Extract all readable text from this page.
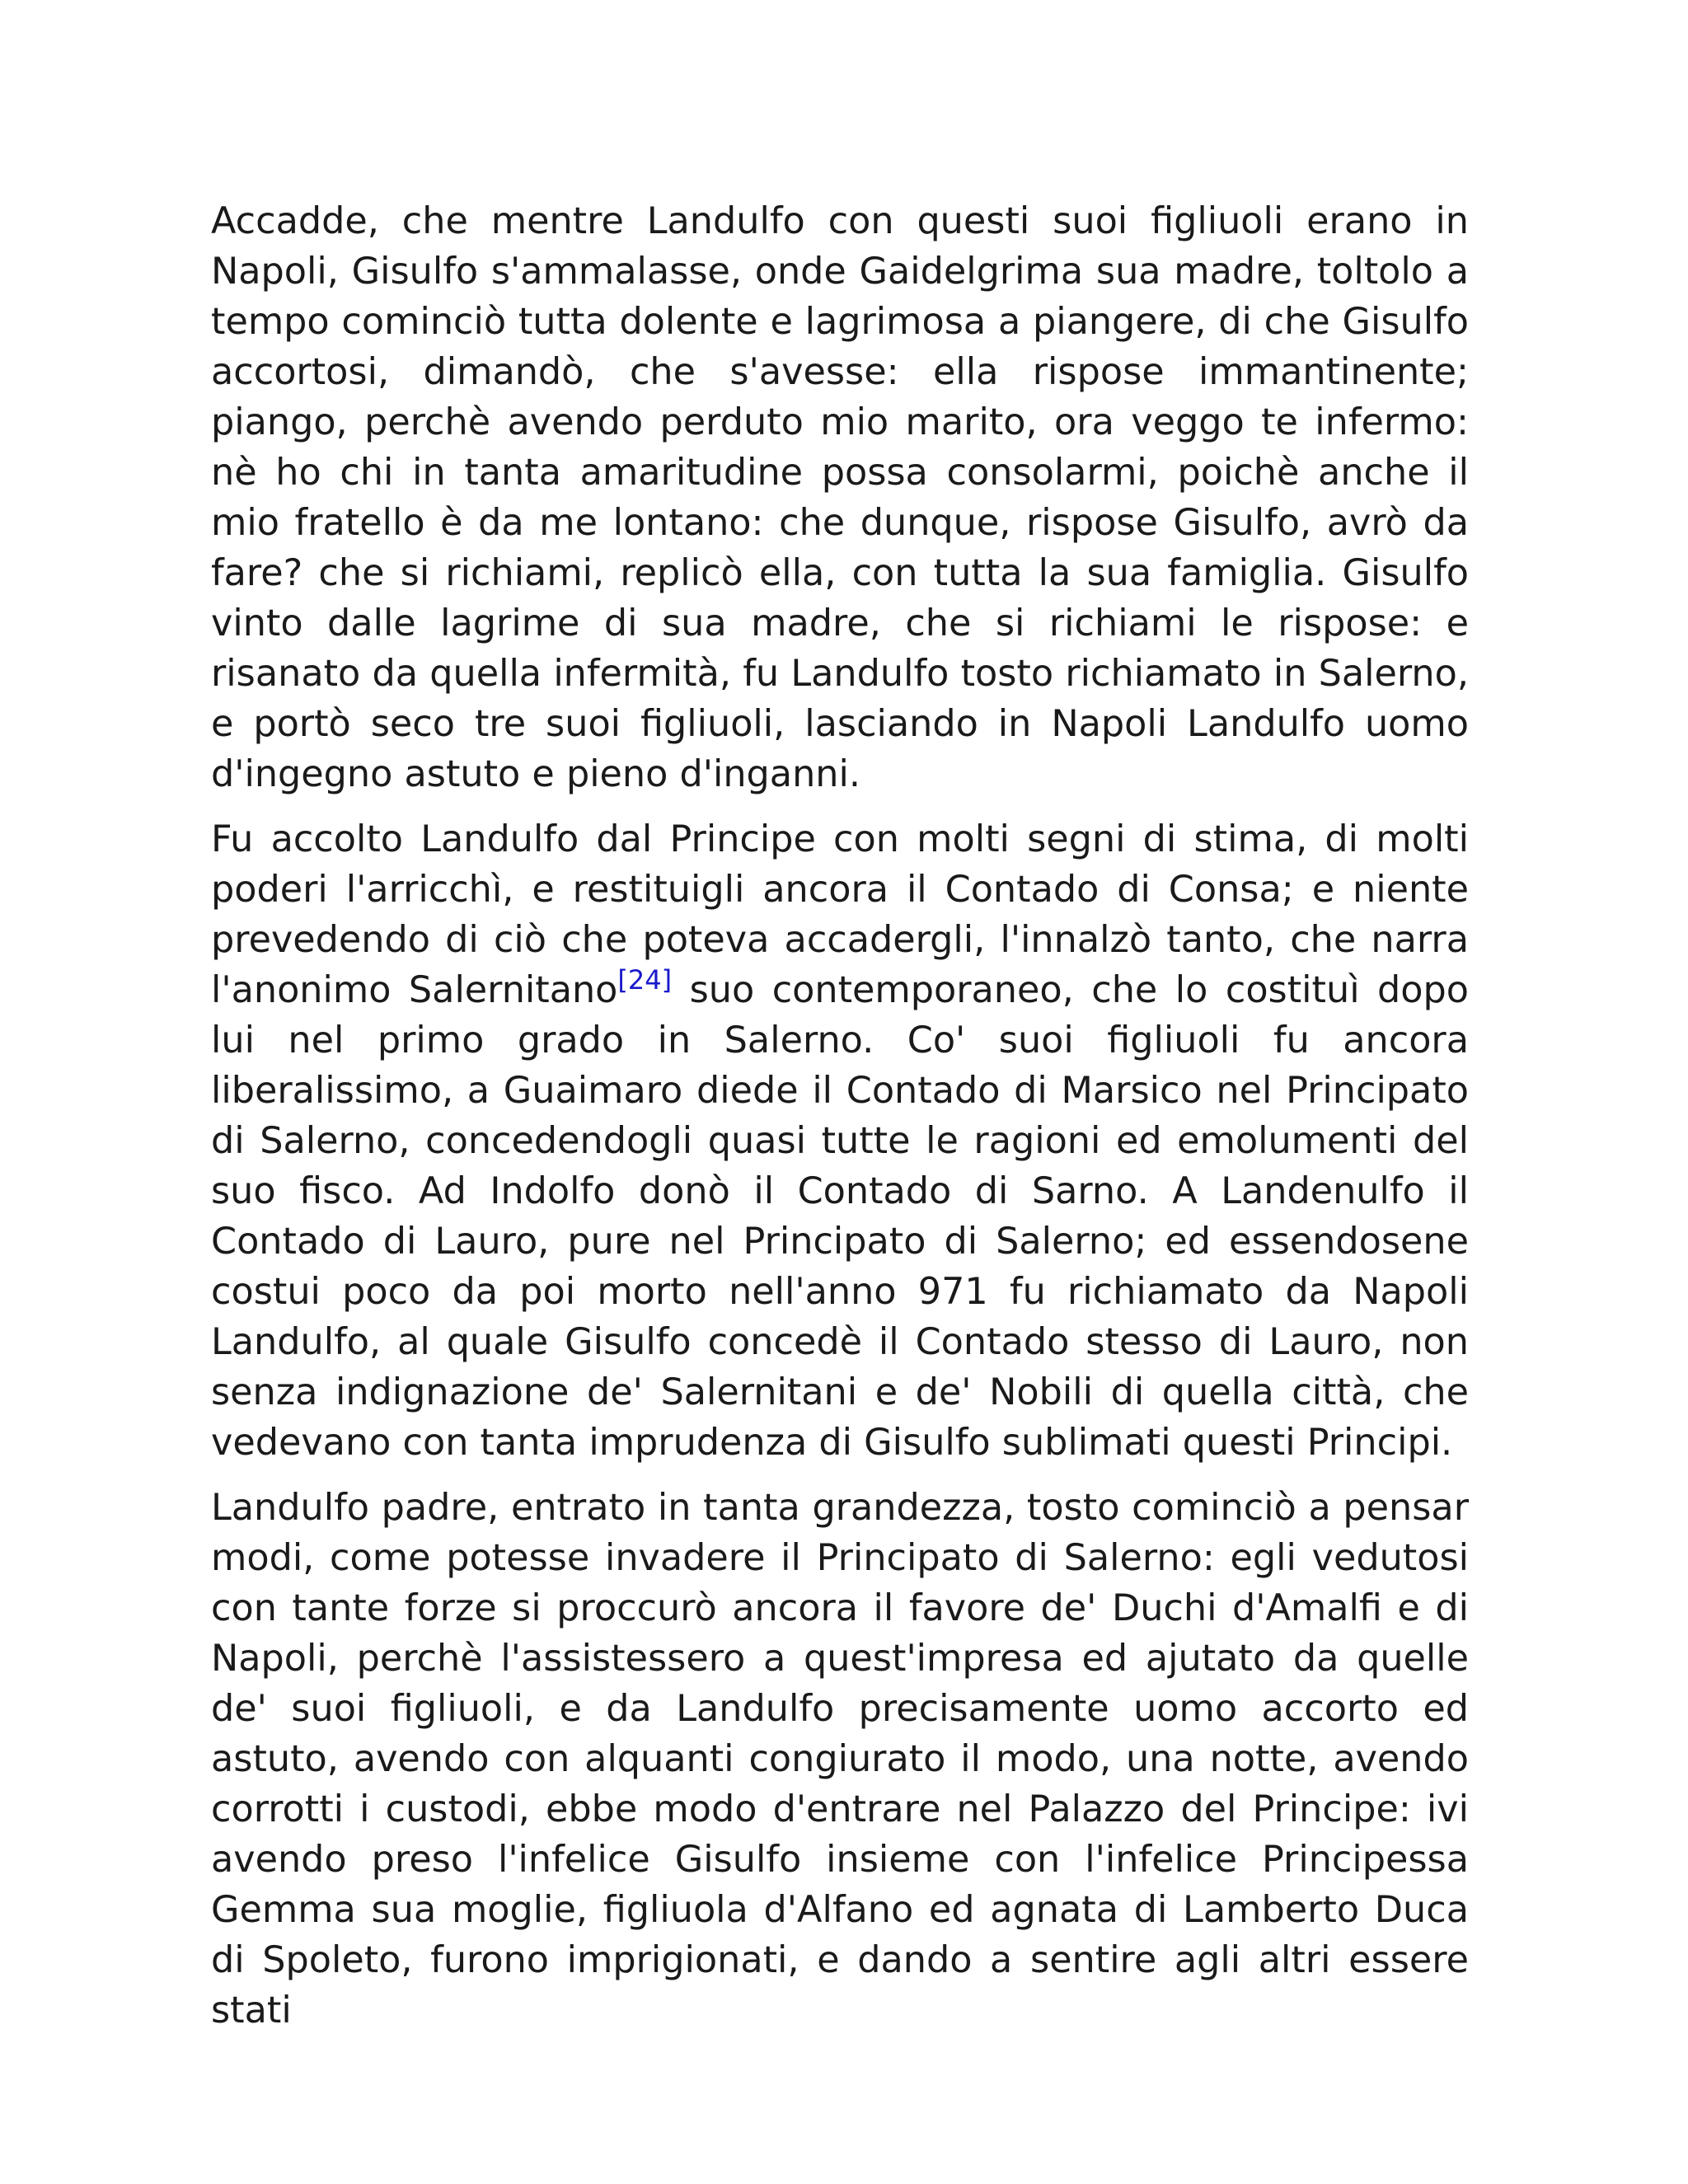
Accadde, che mentre Landulfo con questi suoi figliuoli erano in Napoli, Gisulfo s'ammalasse, onde Gaidelgrima sua madre, toltolo a tempo cominciò tutta dolente e lagrimosa a piangere, di che Gisulfo accortosi, dimandò, che s'avesse: ella rispose immantinente; piango, perchè avendo perduto mio marito, ora veggo te infermo: nè ho chi in tanta amaritudine possa consolarmi, poichè anche il mio fratello è da me lontano: che dunque, rispose Gisulfo, avrò da fare? che si richiami, replicò ella, con tutta la sua famiglia. Gisulfo vinto dalle lagrime di sua madre, che si richiami le rispose: e risanato da quella infermità, fu Landulfo tosto richiamato in Salerno, e portò seco tre suoi figliuoli, lasciando in Napoli Landulfo uomo d'ingegno astuto e pieno d'inganni.

Fu accolto Landulfo dal Principe con molti segni di stima, di molti poderi l'arricchì, e restituigli ancora il Contado di Consa; e niente prevedendo di ciò che poteva accadergli, l'innalzò tanto, che narra l'anonimo Salernitano[24] suo contemporaneo, che lo costituì dopo lui nel primo grado in Salerno. Co' suoi figliuoli fu ancora liberalissimo, a Guaimaro diede il Contado di Marsico nel Principato di Salerno, concedendogli quasi tutte le ragioni ed emolumenti del suo fisco. Ad Indolfo donò il Contado di Sarno. A Landenulfo il Contado di Lauro, pure nel Principato di Salerno; ed essendosene costui poco da poi morto nell'anno 971 fu richiamato da Napoli Landulfo, al quale Gisulfo concedè il Contado stesso di Lauro, non senza indignazione de' Salernitani e de' Nobili di quella città, che vedevano con tanta imprudenza di Gisulfo sublimati questi Principi.

Landulfo padre, entrato in tanta grandezza, tosto cominciò a pensar modi, come potesse invadere il Principato di Salerno: egli vedutosi con tante forze si proccurò ancora il favore de' Duchi d'Amalfi e di Napoli, perchè l'assistessero a quest'impresa ed ajutato da quelle de' suoi figliuoli, e da Landulfo precisamente uomo accorto ed astuto, avendo con alquanti congiurato il modo, una notte, avendo corrotti i custodi, ebbe modo d'entrare nel Palazzo del Principe: ivi avendo preso l'infelice Gisulfo insieme con l'infelice Principessa Gemma sua moglie, figliuola d'Alfano ed agnata di Lamberto Duca di Spoleto, furono imprigionati, e dando a sentire agli altri essere stati
